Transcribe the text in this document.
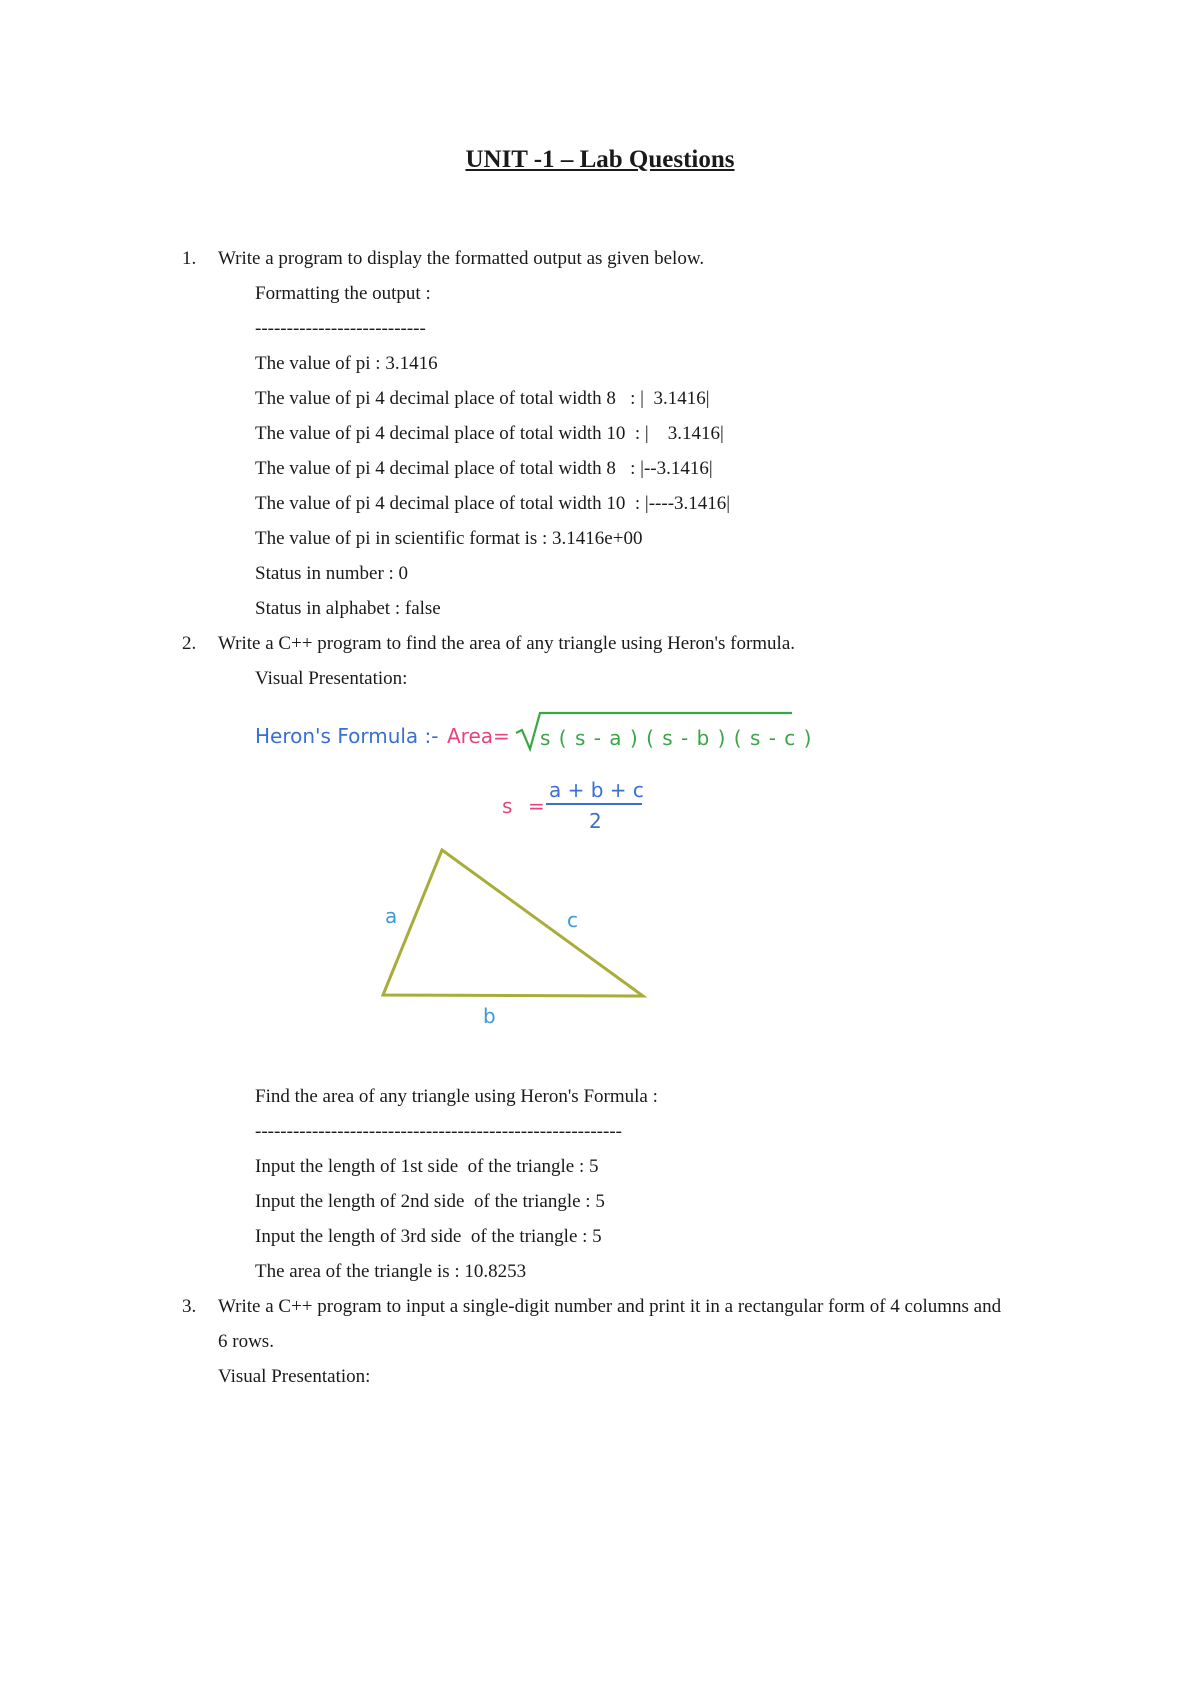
UNIT -1 – Lab Questions
1. Write a program to display the formatted output as given below.
Formatting the output :
---------------------------
The value of pi : 3.1416
The value of pi 4 decimal place of total width 8   : |  3.1416|
The value of pi 4 decimal place of total width 10  : |    3.1416|
The value of pi 4 decimal place of total width 8   : |--3.1416|
The value of pi 4 decimal place of total width 10  : |----3.1416|
The value of pi in scientific format is : 3.1416e+00
Status in number : 0
Status in alphabet : false
2. Write a C++ program to find the area of any triangle using Heron's formula.
Visual Presentation:
Heron's Formula :- Area = s ( s - a ) ( s - b ) ( s - c )
s =
a + b + c
2
a	c
b
Find the area of any triangle using Heron's Formula :
----------------------------------------------------------
Input the length of 1st side  of the triangle : 5
Input the length of 2nd side  of the triangle : 5
Input the length of 3rd side  of the triangle : 5
The area of the triangle is : 10.8253
3. Write a C++ program to input a single-digit number and print it in a rectangular form of 4 columns and
6 rows.
Visual Presentation:
